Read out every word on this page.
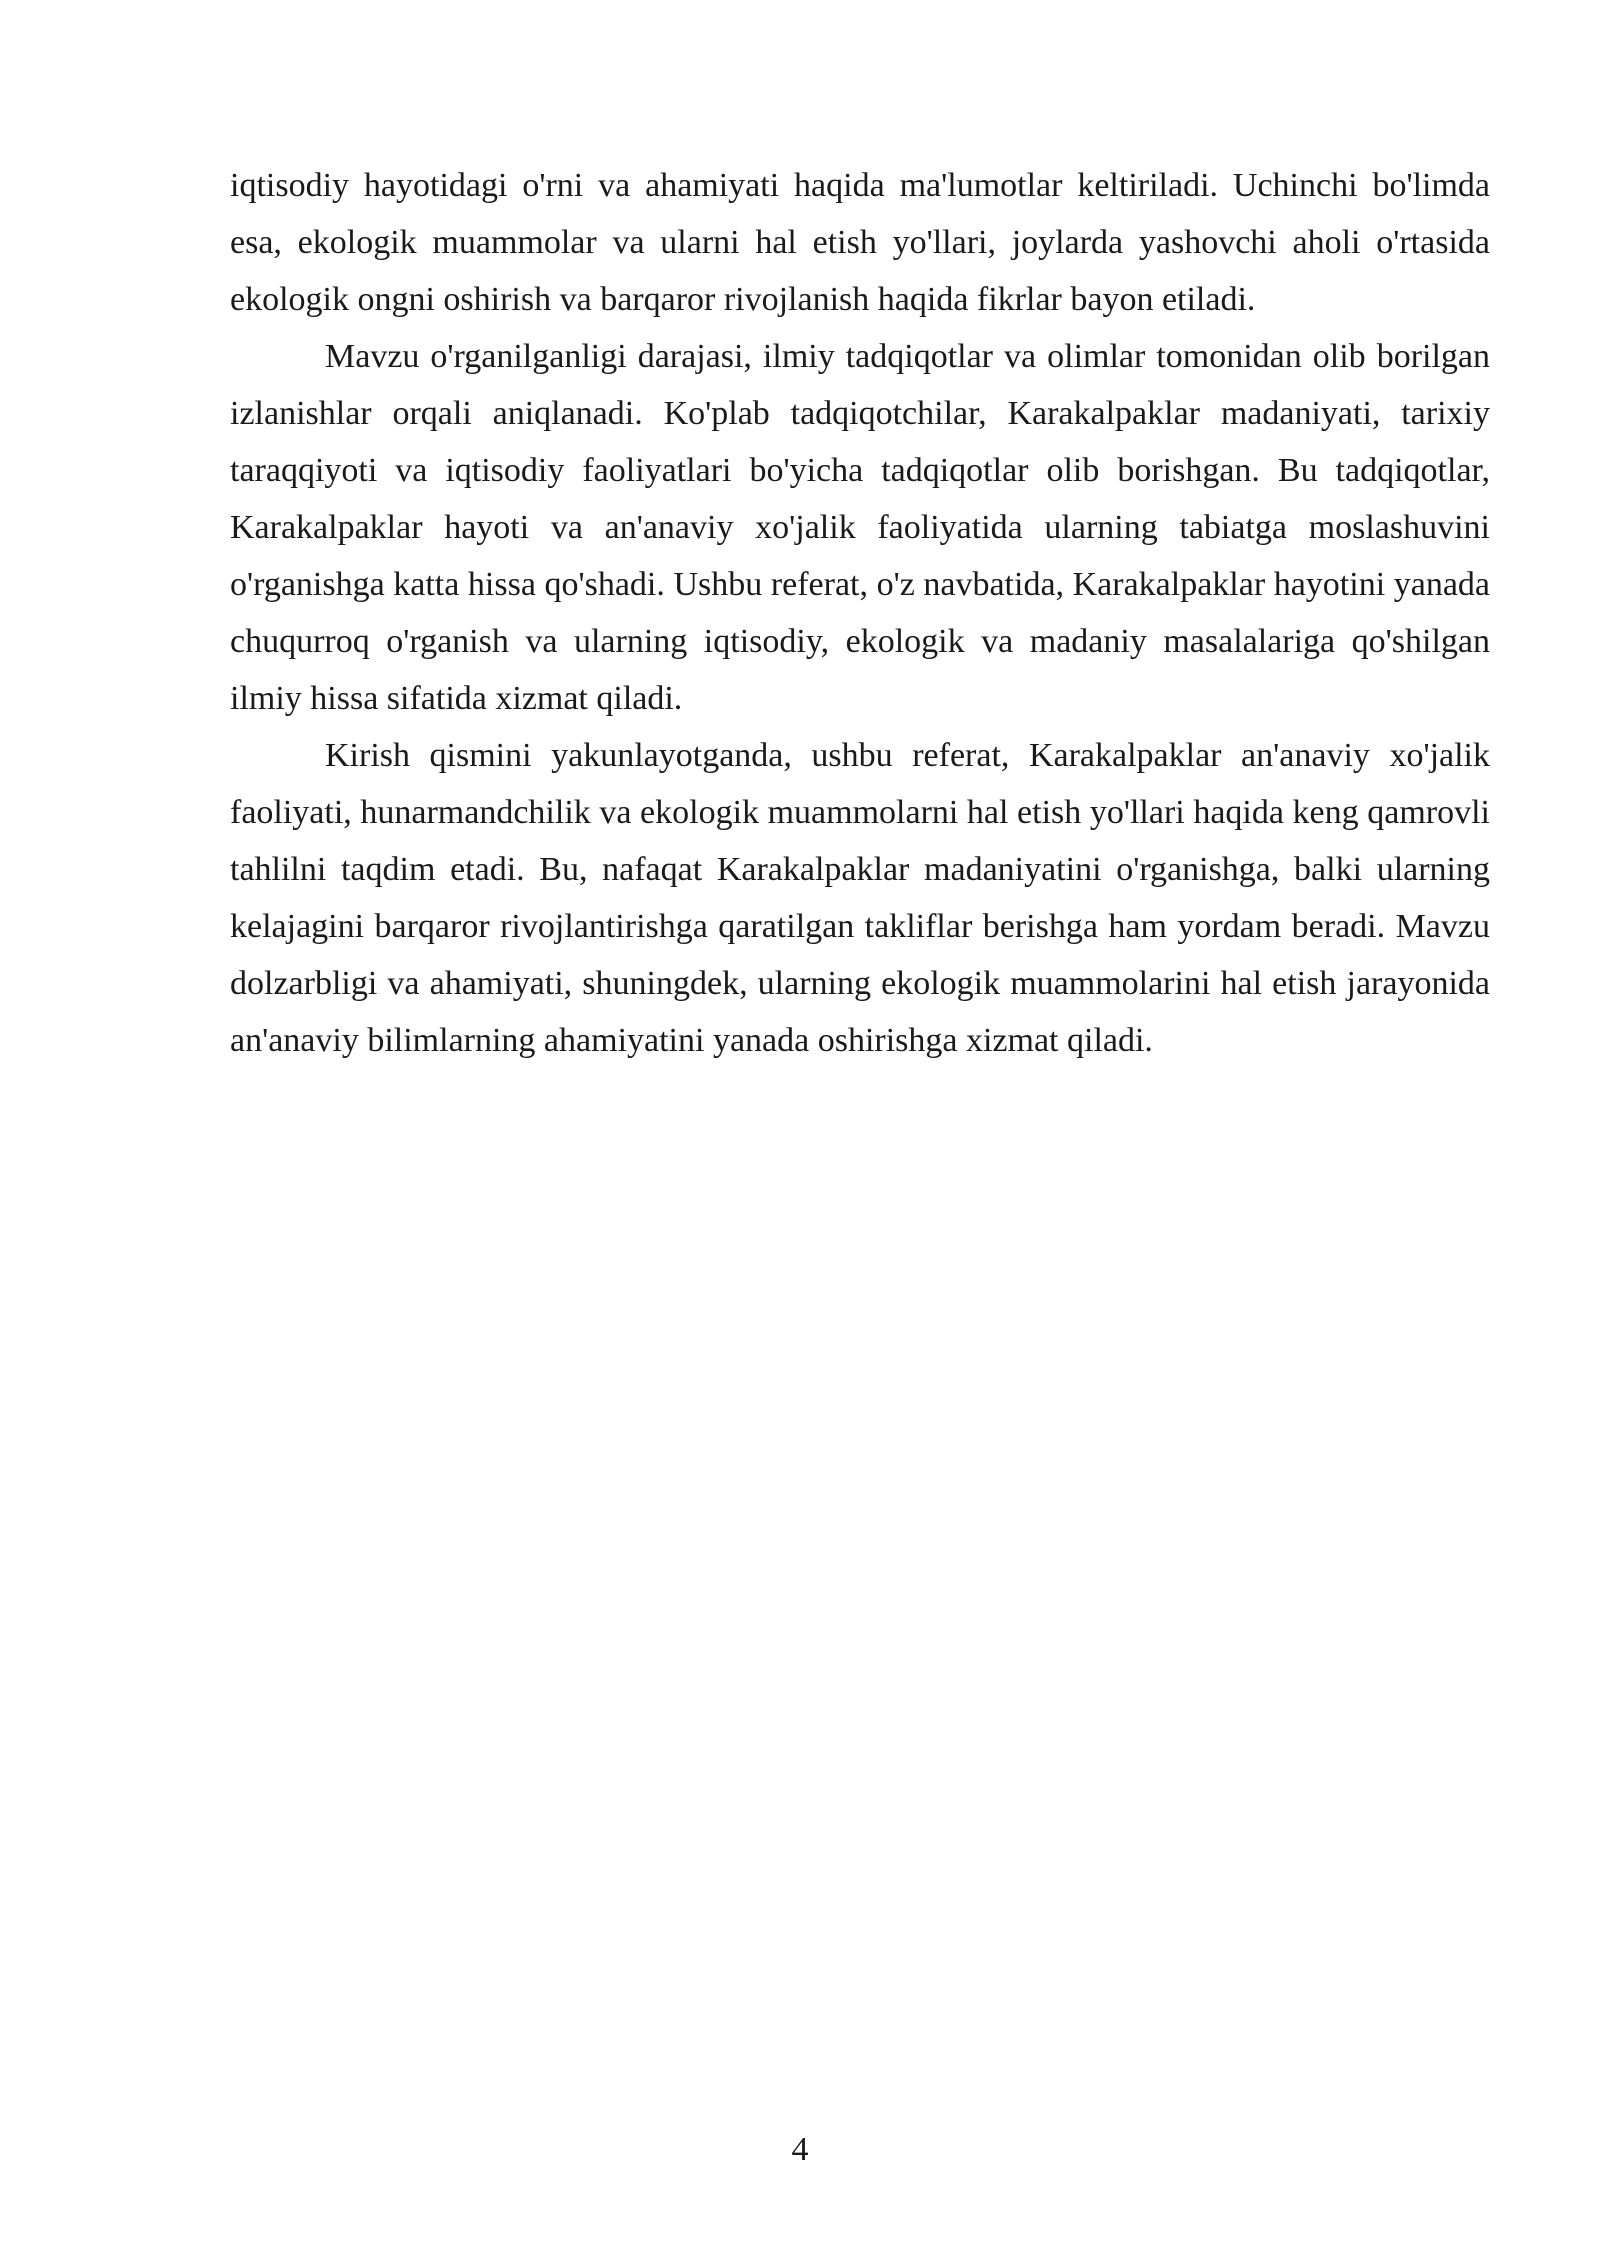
iqtisodiy hayotidagi o'rni va ahamiyati haqida ma'lumotlar keltiriladi. Uchinchi bo'limda esa, ekologik muammolar va ularni hal etish yo'llari, joylarda yashovchi aholi o'rtasida ekologik ongni oshirish va barqaror rivojlanish haqida fikrlar bayon etiladi.

Mavzu o'rganilganligi darajasi, ilmiy tadqiqotlar va olimlar tomonidan olib borilgan izlanishlar orqali aniqlanadi. Ko'plab tadqiqotchilar, Karakalpaklar madaniyati, tarixiy taraqqiyoti va iqtisodiy faoliyatlari bo'yicha tadqiqotlar olib borishgan. Bu tadqiqotlar, Karakalpaklar hayoti va an'anaviy xo'jalik faoliyatida ularning tabiatga moslashuvini o'rganishga katta hissa qo'shadi. Ushbu referat, o'z navbatida, Karakalpaklar hayotini yanada chuqurroq o'rganish va ularning iqtisodiy, ekologik va madaniy masalalariga qo'shilgan ilmiy hissa sifatida xizmat qiladi.

Kirish qismini yakunlayotganda, ushbu referat, Karakalpaklar an'anaviy xo'jalik faoliyati, hunarmandchilik va ekologik muammolarni hal etish yo'llari haqida keng qamrovli tahlilni taqdim etadi. Bu, nafaqat Karakalpaklar madaniyatini o'rganishga, balki ularning kelajagini barqaror rivojlantirishga qaratilgan takliflar berishga ham yordam beradi. Mavzu dolzarbligi va ahamiyati, shuningdek, ularning ekologik muammolarini hal etish jarayonida an'anaviy bilimlarning ahamiyatini yanada oshirishga xizmat qiladi.

4
